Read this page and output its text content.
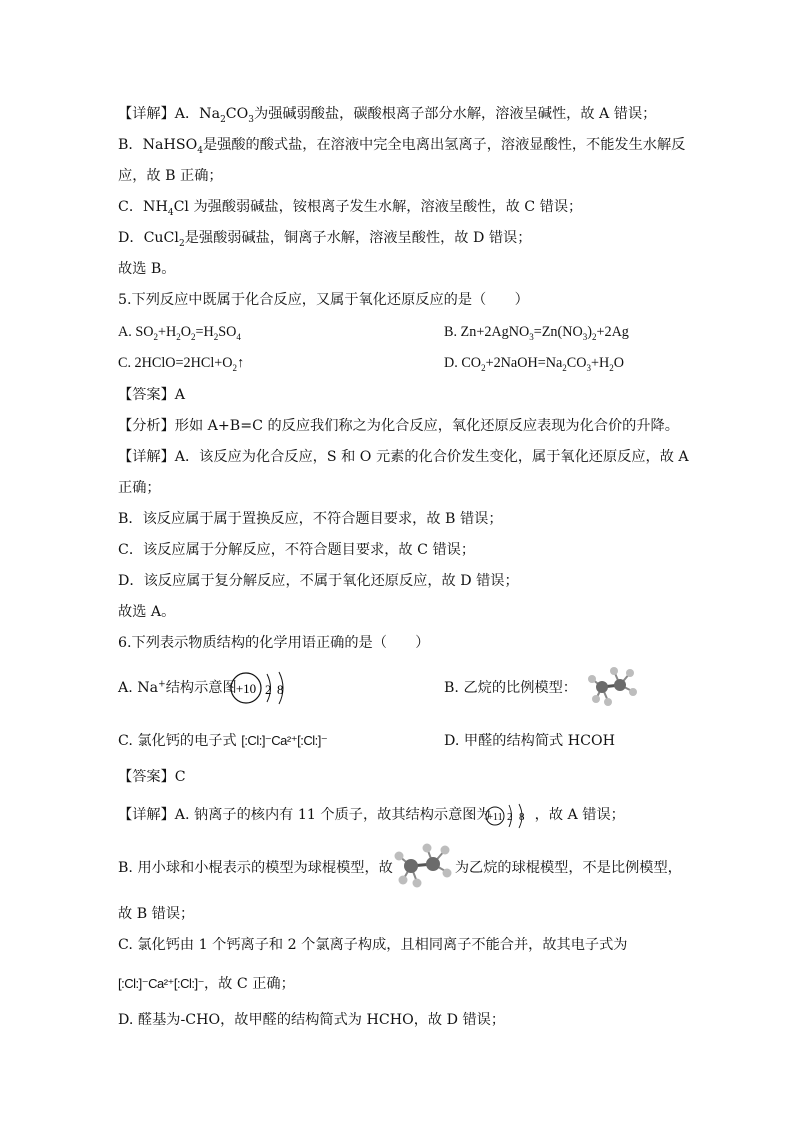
【详解】A．$Na_2CO_3$为强碱弱酸盐，碳酸根离子部分水解，溶液呈碱性，故 A 错误；
B．NaHSO$_4$是强酸的酸式盐，在溶液中完全电离出氢离子，溶液显酸性，不能发生水解反
应，故 B 正确；
C．$NH_4Cl$ 为强酸弱碱盐，铵根离子发生水解，溶液呈酸性，故 C 错误；
D．CuCl$_2$是强酸弱碱盐，铜离子水解，溶液呈酸性，故 D 错误；
故选 B。
5.下列反应中既属于化合反应，又属于氧化还原反应的是（　　）
A. $SO_2+H_2O_2=H_2SO_4$	B. $Zn+2AgNO_3=Zn(NO_3)_2+2Ag$
C. $2HClO=2HCl+O_2↑$	D. $CO_2+2NaOH=Na_2CO_3+H_2O$
【答案】A
【分析】形如 A+B=C 的反应我们称之为化合反应，氧化还原反应表现为化合价的升降。
【详解】A．该反应为化合反应，S 和 O 元素的化合价发生变化，属于氧化还原反应，故 A
正确；
B．该反应属于属于置换反应，不符合题目要求，故 B 错误；
C．该反应属于分解反应，不符合题目要求，故 C 错误；
D．该反应属于复分解反应，不属于氧化还原反应，故 D 错误；
故选 A。
6.下列表示物质结构的化学用语正确的是（　　）
A. Na+结构示意图 +10 2 8	B. 乙烷的比例模型：
C. 氯化钙的电子式 [:Cl:]⁻Ca²⁺[:Cl:]⁻	D. 甲醛的结构简式 HCOH
【答案】C
【详解】A. 钠离子的核内有 11 个质子，故其结构示意图为	，故 A 错误；
+11 2 8
B. 用小球和小棍表示的模型为球棍模型，故	为乙烷的球棍模型，不是比例模型，
故 B 错误；
C. 氯化钙由 1 个钙离子和 2 个氯离子构成，且相同离子不能合并，故其电子式为
[:Cl:]⁻Ca²⁺[:Cl:]⁻，故 C 正确；
D. 醛基为-CHO，故甲醛的结构简式为 HCHO，故 D 错误；
